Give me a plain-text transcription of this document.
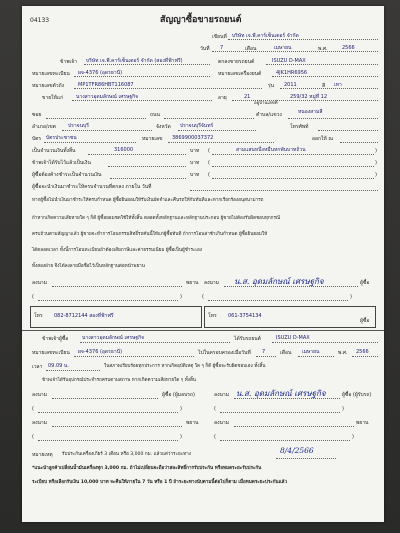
04133	สัญญาซื้อขายรถยนต์
เขียนที่ บริษัท เจ.พี.คาร์เซ็นเตอร์ จำกัด
วันที่ 7	เดือน	เมษายน	พ.ศ.	2566
ข้าพเจ้า บริษัท เจ.พี.คาร์เซ็นเตอร์ จำกัด (สองที่ฟ้าฟรี)	ตกลงขายรถยนต์	ISUZU D-MAX
หมายเลขทะเบียน ผจ-4376 (อุดรธานี)	หมายเลขเครื่องยนต์	4JK1HR6956
หมายเลขตัวถัง	MP1TFR86HBT116087	รุ่น 2011	สี เทา
ขายให้แก่	นางสาวอุดมลักษณ์ เศรษฐกิจ	อายุ	21
อยู่บ้านเลขที่
259/32 หมู่ที่ 12
ซอย	ถนน	ตำบล/แขวง	หนองสามสี
อำเภอ/เขต ปราจนบุรี	จังหวัด ปราจนบุรีจันทร์	โทรศัพท์
บัตร บัตรประชาชน	หมายเลข 3869900037372	ออกให้ ณ
เป็นจำนวนเงินทั้งสิ้น	316000	บาท (	สามแสนหนึ่งหมื่นหกพันบาทถ้วน	)
ข้าพเจ้าได้รับไว้แล้วเป็นเงิน	บาท (	)
ผู้ซื้อต้องค้างชำระเป็นจำนวนเงิน	บาท (	)
ผู้ซื้อจะนำเงินมาชำระให้ครบจำนวนที่ตกลง ภายใน วันที่
หากผู้ซื้อไม่นำเงินมาชำระให้ครบกำหนด ผู้ซื้อยินยอมให้รับเงินมัดจำและคืนรถให้กับทันทีและหากเรียกร้องอนุสนามารถ
ถ้าหากเกิดความเสียหายใด ๆ ก็ดี ผู้ซื้อยอมชดใช้ให้ทั้งสิ้น ตลอดทั้งหลักฐานและหลักฐานประกอบ ผู้ขายไม่ต้องรับผิดชอบทุกกรณี
ครบถ้วนตามสัญญาแล้ว ผู้ขายจะทำการโอนกรรมสิทธิ์รถคันนี้ให้แก่ผู้ซื้อทันที ถ้าการโอนล่าช้าเกินกำหนด ผู้ซื้อยินยอมให้
ได้ตลอดเวลา ทั้งนี้การโอนทะเบียนถ้าต้องเสียภาษีและค่าธรรมเนียม ผู้ซื้อเป็นผู้ชำระเอง
ทั้งสองฝ่าย จึงได้ลงลายมือชื่อไว้เป็นหลักฐานต่อหน้าพยาน
ลงนาม	พยาน ลงนาม น.ส. อุดมลักษณ์ เศรษฐกิจ	ผู้ซื้อ
(	)	(	)
โทร 082-8712144 สองที่ฟ้าฟรี	โทร 061-3754134
ผู้ซื้อ
ข้าพเจ้าผู้ซื้อ	นางสาวอุดมลักษณ์ เศรษฐกิจ	ได้รับรถยนต์	ISUZU D-MAX
หมายเลขทะเบียน ผจ-4376 (อุดรธานี)	ไปในครอบครองเมื่อวันที่ 7	เดือน เมษายน	พ.ศ. 2566
เวลา 09.09 น.	ในสภาพเรียบร้อยทุกประการ หากเกิดอุบัติเหตุ ใด ๆ ก็ดี ผู้ซื้อจะรับผิดชอบเอง ทั้งสิ้น
ข้าพเจ้าได้รับอุปกรณ์ประจำรถครบตามสภาพ หากเกิดความเสียหายใด ๆ ทั้งสิ้น
ลงนาม	ผู้ซื้อ (ผู้มอบรถ)	ลงนาม น.ส. อุดมลักษณ์ เศรษฐกิจ	ผู้ซื้อ (ผู้รับรถ)
(	)	(	)
ลงนาม	พยาน	ลงนาม	พยาน
(	)	(	)
หมายเหตุ รับประกันเครื่องเกียร์ 3 เดือน หรือ 3,000 กม. แล้วแต่ว่าระยะทาง	8/4/2566
*แนะนำลูกค้าเปลี่ยนน้ำมันเครื่องทุก 3,000 กม. ถ้าไม่เปลี่ยนจะถือว่าสละสิทธิ์การรับประกัน หรือหมดระยะรับประกัน
ระเบียบ หรือเลือกรับเงิน 10,000 บาท จะคืนให้ภายใน 7 วัน หรือ 1 ปี ถ้าระยะทางนับตามนี้ต่อไปก็ตาม เมื่อหมดระยะประกันแล้ว
